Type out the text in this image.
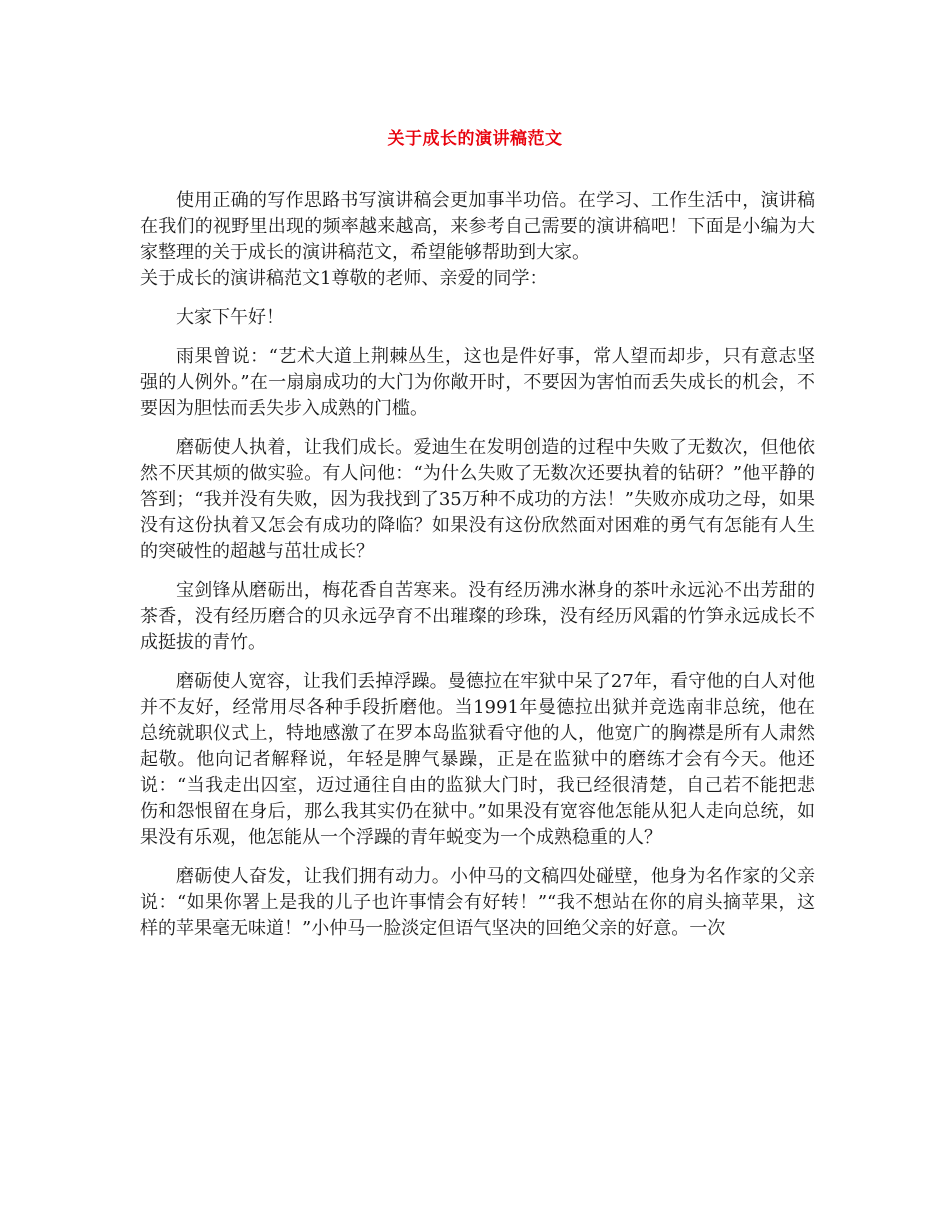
关于成长的演讲稿范文

使用正确的写作思路书写演讲稿会更加事半功倍。在学习、工作生活中，演讲稿在我们的视野里出现的频率越来越高，来参考自己需要的演讲稿吧！下面是小编为大家整理的关于成长的演讲稿范文，希望能够帮助到大家。

关于成长的演讲稿范文1尊敬的老师、亲爱的同学：

大家下午好！

雨果曾说：“艺术大道上荆棘丛生，这也是件好事，常人望而却步，只有意志坚强的人例外。”在一扇扇成功的大门为你敞开时，不要因为害怕而丢失成长的机会，不要因为胆怯而丢失步入成熟的门槛。

磨砺使人执着，让我们成长。爱迪生在发明创造的过程中失败了无数次，但他依然不厌其烦的做实验。有人问他：“为什么失败了无数次还要执着的钻研？”他平静的答到；“我并没有失败，因为我找到了35万种不成功的方法！”失败亦成功之母，如果没有这份执着又怎会有成功的降临？如果没有这份欣然面对困难的勇气有怎能有人生的突破性的超越与茁壮成长？

宝剑锋从磨砺出，梅花香自苦寒来。没有经历沸水淋身的茶叶永远沁不出芳甜的茶香，没有经历磨合的贝永远孕育不出璀璨的珍珠，没有经历风霜的竹笋永远成长不成挺拔的青竹。

磨砺使人宽容，让我们丢掉浮躁。曼德拉在牢狱中呆了27年，看守他的白人对他并不友好，经常用尽各种手段折磨他。当1991年曼德拉出狱并竞选南非总统，他在总统就职仪式上，特地感激了在罗本岛监狱看守他的人，他宽广的胸襟是所有人肃然起敬。他向记者解释说，年轻是脾气暴躁，正是在监狱中的磨练才会有今天。他还说：“当我走出囚室，迈过通往自由的监狱大门时，我已经很清楚，自己若不能把悲伤和怨恨留在身后，那么我其实仍在狱中。”如果没有宽容他怎能从犯人走向总统，如果没有乐观，他怎能从一个浮躁的青年蜕变为一个成熟稳重的人？

磨砺使人奋发，让我们拥有动力。小仲马的文稿四处碰壁，他身为名作家的父亲说：“如果你署上是我的儿子也许事情会有好转！”“我不想站在你的肩头摘苹果，这样的苹果毫无味道！”小仲马一脸淡定但语气坚决的回绝父亲的好意。一次
